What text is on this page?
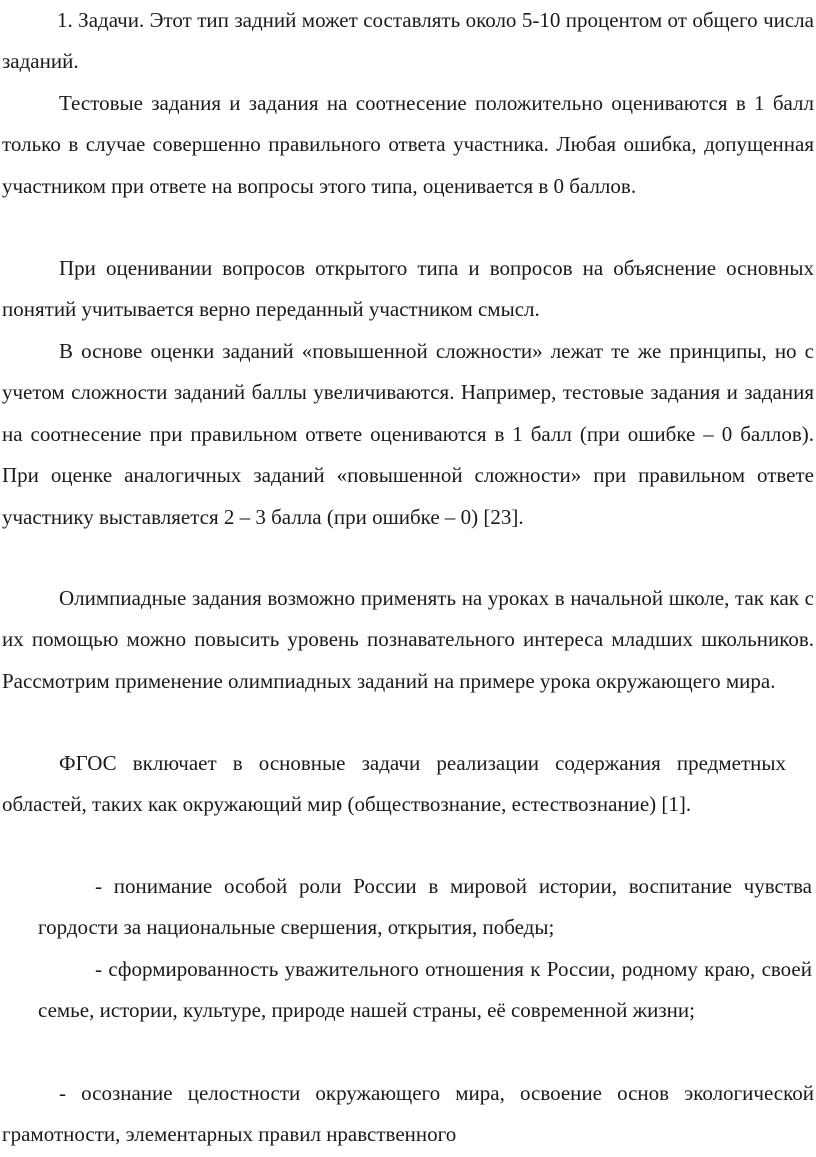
1. Задачи. Этот тип задний может составлять около 5-10 процентом от общего числа заданий.

Тестовые задания и задания на соотнесение положительно оцениваются в 1 балл только в случае совершенно правильного ответа участника. Любая ошибка, допущенная участником при ответе на вопросы этого типа, оценивается в 0 баллов.

При оценивании вопросов открытого типа и вопросов на объяснение основных понятий учитывается верно переданный участником смысл.

В основе оценки заданий «повышенной сложности» лежат те же принципы, но с учетом сложности заданий баллы увеличиваются. Например, тестовые задания и задания на соотнесение при правильном ответе оцениваются в 1 балл (при ошибке – 0 баллов). При оценке аналогичных заданий «повышенной сложности» при правильном ответе участнику выставляется 2 – 3 балла (при ошибке – 0) [23].

Олимпиадные задания возможно применять на уроках в начальной школе, так как с их помощью можно повысить уровень познавательного интереса младших школьников. Рассмотрим применение олимпиадных заданий на примере урока окружающего мира.

ФГОС включает в основные задачи реализации содержания предметных областей, таких как окружающий мир (обществознание, естествознание) [1].

- понимание особой роли России в мировой истории, воспитание чувства гордости за национальные свершения, открытия, победы;

- сформированность уважительного отношения к России, родному краю, своей семье, истории, культуре, природе нашей страны, её современной жизни;

- осознание целостности окружающего мира, освоение основ экологической грамотности, элементарных правил нравственного
